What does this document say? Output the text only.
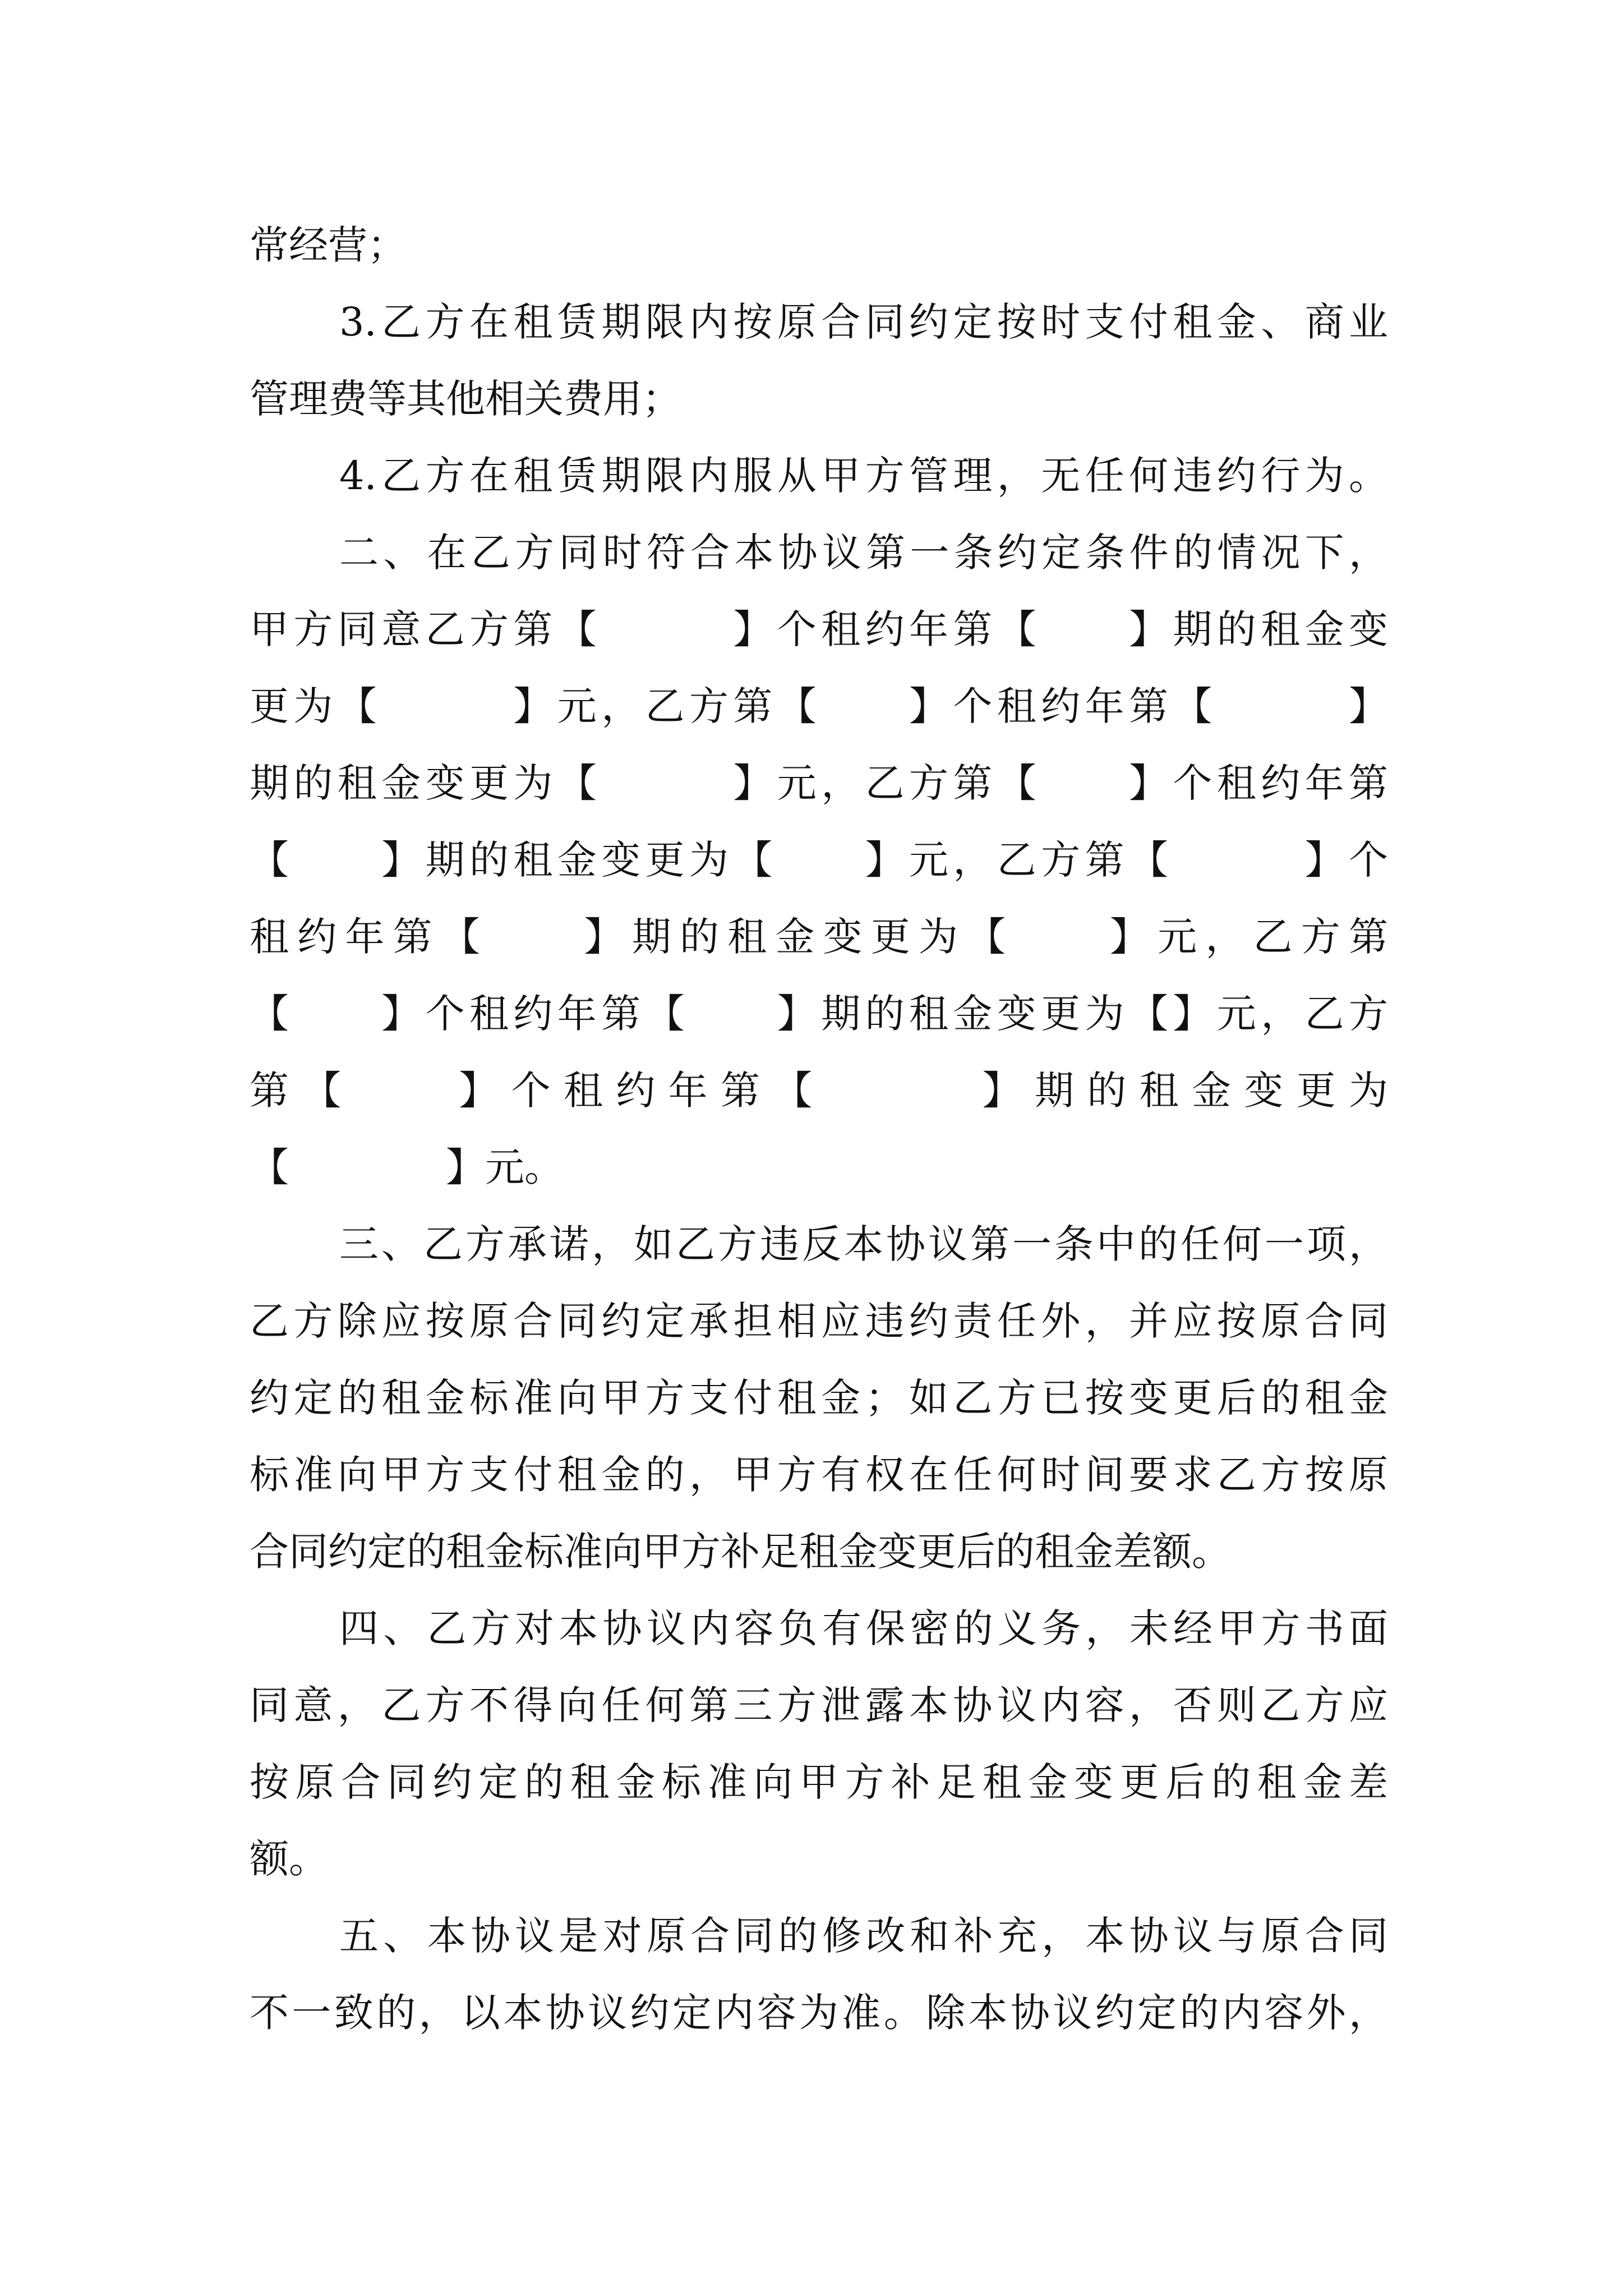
常经营；
3.乙方在租赁期限内按原合同约定按时支付租金、商业
管理费等其他相关费用；
4.乙方在租赁期限内服从甲方管理，无任何违约行为。
二、在乙方同时符合本协议第一条约定条件的情况下，
甲方同意乙方第【　　　】个租约年第【　　】期的租金变
更为【　　　】元，乙方第【　　】个租约年第【　　　】
期的租金变更为【　　　】元，乙方第【　　】个租约年第
【　　】期的租金变更为【　　】元，乙方第【　　　】个
租约年第【　　】期的租金变更为【　　】元，乙方第
【　　】个租约年第【　　】期的租金变更为【】元，乙方
第【　　】个租约年第【　　　】期的租金变更为
【　　　　】元。
三、乙方承诺，如乙方违反本协议第一条中的任何一项，
乙方除应按原合同约定承担相应违约责任外，并应按原合同
约定的租金标准向甲方支付租金；如乙方已按变更后的租金
标准向甲方支付租金的，甲方有权在任何时间要求乙方按原
合同约定的租金标准向甲方补足租金变更后的租金差额。
四、乙方对本协议内容负有保密的义务，未经甲方书面
同意，乙方不得向任何第三方泄露本协议内容，否则乙方应
按原合同约定的租金标准向甲方补足租金变更后的租金差
额。
五、本协议是对原合同的修改和补充，本协议与原合同
不一致的，以本协议约定内容为准。除本协议约定的内容外，
